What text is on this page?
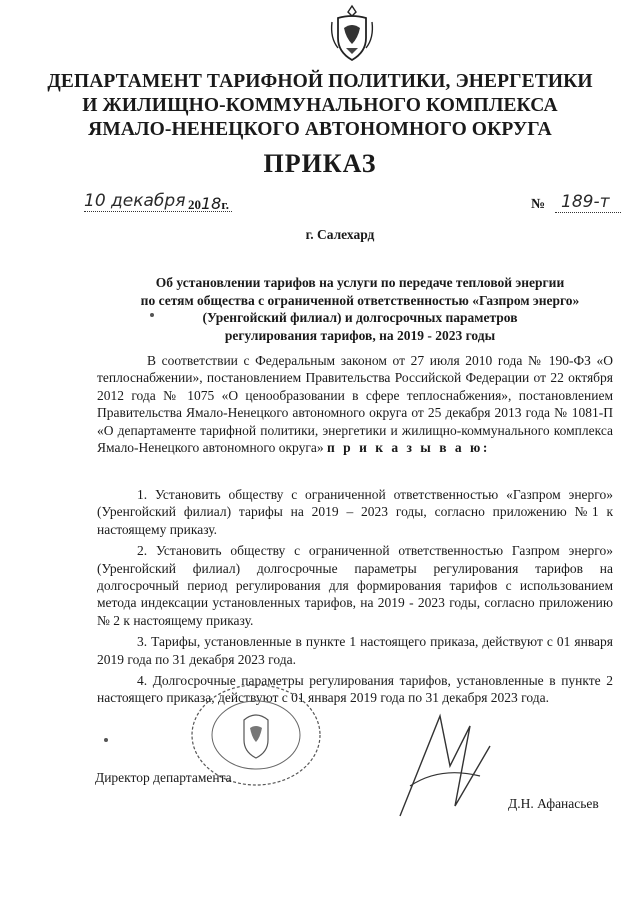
ДЕПАРТАМЕНТ ТАРИФНОЙ ПОЛИТИКИ, ЭНЕРГЕТИКИ
И ЖИЛИЩНО-КОММУНАЛЬНОГО КОМПЛЕКСА
ЯМАЛО-НЕНЕЦКОГО АВТОНОМНОГО ОКРУГА
ПРИКАЗ
10 декабря 2018г.	№ 189-т
г. Салехард
Об установлении тарифов на услуги по передаче тепловой энергии
по сетям общества с ограниченной ответственностью «Газпром энерго»
(Уренгойский филиал) и долгосрочных параметров
регулирования тарифов, на 2019 - 2023 годы
В соответствии с Федеральным законом от 27 июля 2010 года № 190-ФЗ «О теплоснабжении», постановлением Правительства Российской Федерации от 22 октября 2012 года № 1075 «О ценообразовании в сфере теплоснабжения», постановлением Правительства Ямало-Ненецкого автономного округа от 25 декабря 2013 года № 1081-П «О департаменте тарифной политики, энергетики и жилищно-коммунального комплекса Ямало-Ненецкого автономного округа» п р и к а з ы в а ю:

1. Установить обществу с ограниченной ответственностью «Газпром энерго» (Уренгойский филиал) тарифы на 2019 – 2023 годы, согласно приложению №1 к настоящему приказу.

2. Установить обществу с ограниченной ответственностью Газпром энерго» (Уренгойский филиал) долгосрочные параметры регулирования тарифов на долгосрочный период регулирования для формирования тарифов с использованием метода индексации установленных тарифов, на 2019 - 2023 годы, согласно приложению № 2 к настоящему приказу.

3. Тарифы, установленные в пункте 1 настоящего приказа, действуют с 01 января 2019 года по 31 декабря 2023 года.

4. Долгосрочные параметры регулирования тарифов, установленные в пункте 2 настоящего приказа, действуют с 01 января 2019 года по 31 декабря 2023 года.

Директор департамента
Д.Н. Афанасьев
